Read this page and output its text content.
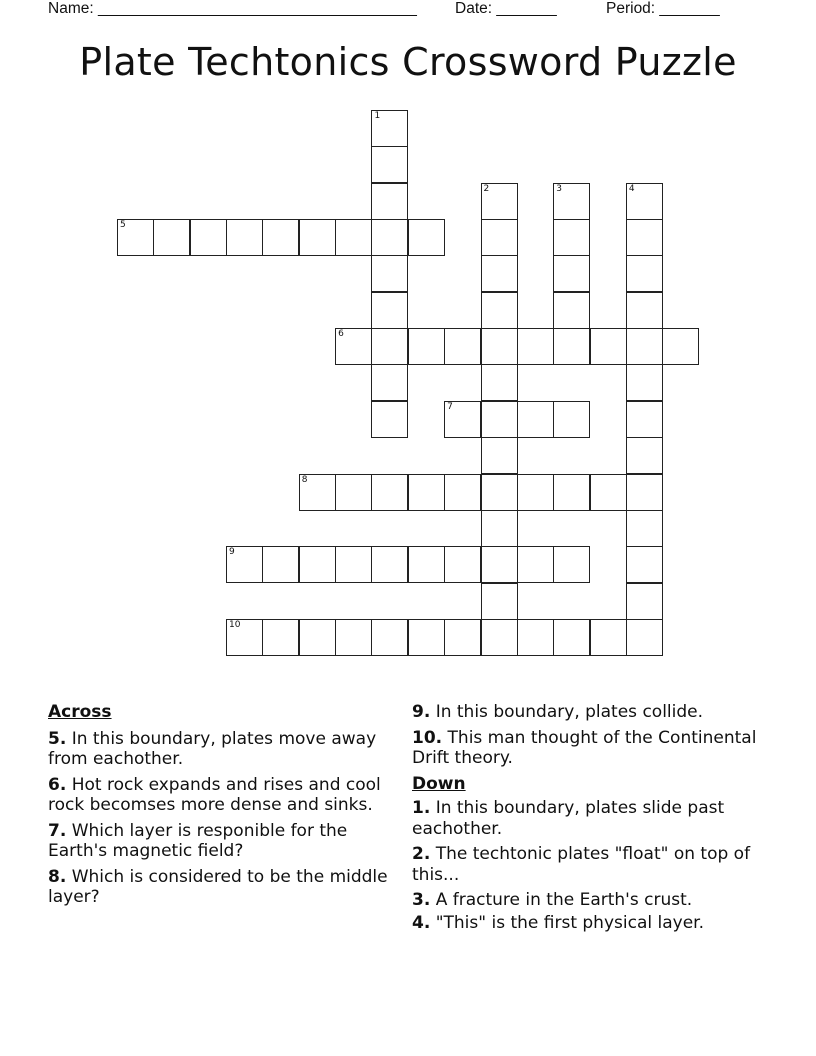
Name: _____________________________________ Date: _______	Period: _______
Plate Techtonics Crossword Puzzle
1
2	3	4
5
6
7
8
9
10
Across
5. In this boundary, plates move away from eachother.
6. Hot rock expands and rises and cool rock becomses more dense and sinks.
7. Which layer is responible for the Earth's magnetic field?
8. Which is considered to be the middle layer?
9. In this boundary, plates collide.
10. This man thought of the Continental Drift theory.
Down
1. In this boundary, plates slide past eachother.
2. The techtonic plates "float" on top of this...
3. A fracture in the Earth's crust.
4. "This" is the first physical layer.
